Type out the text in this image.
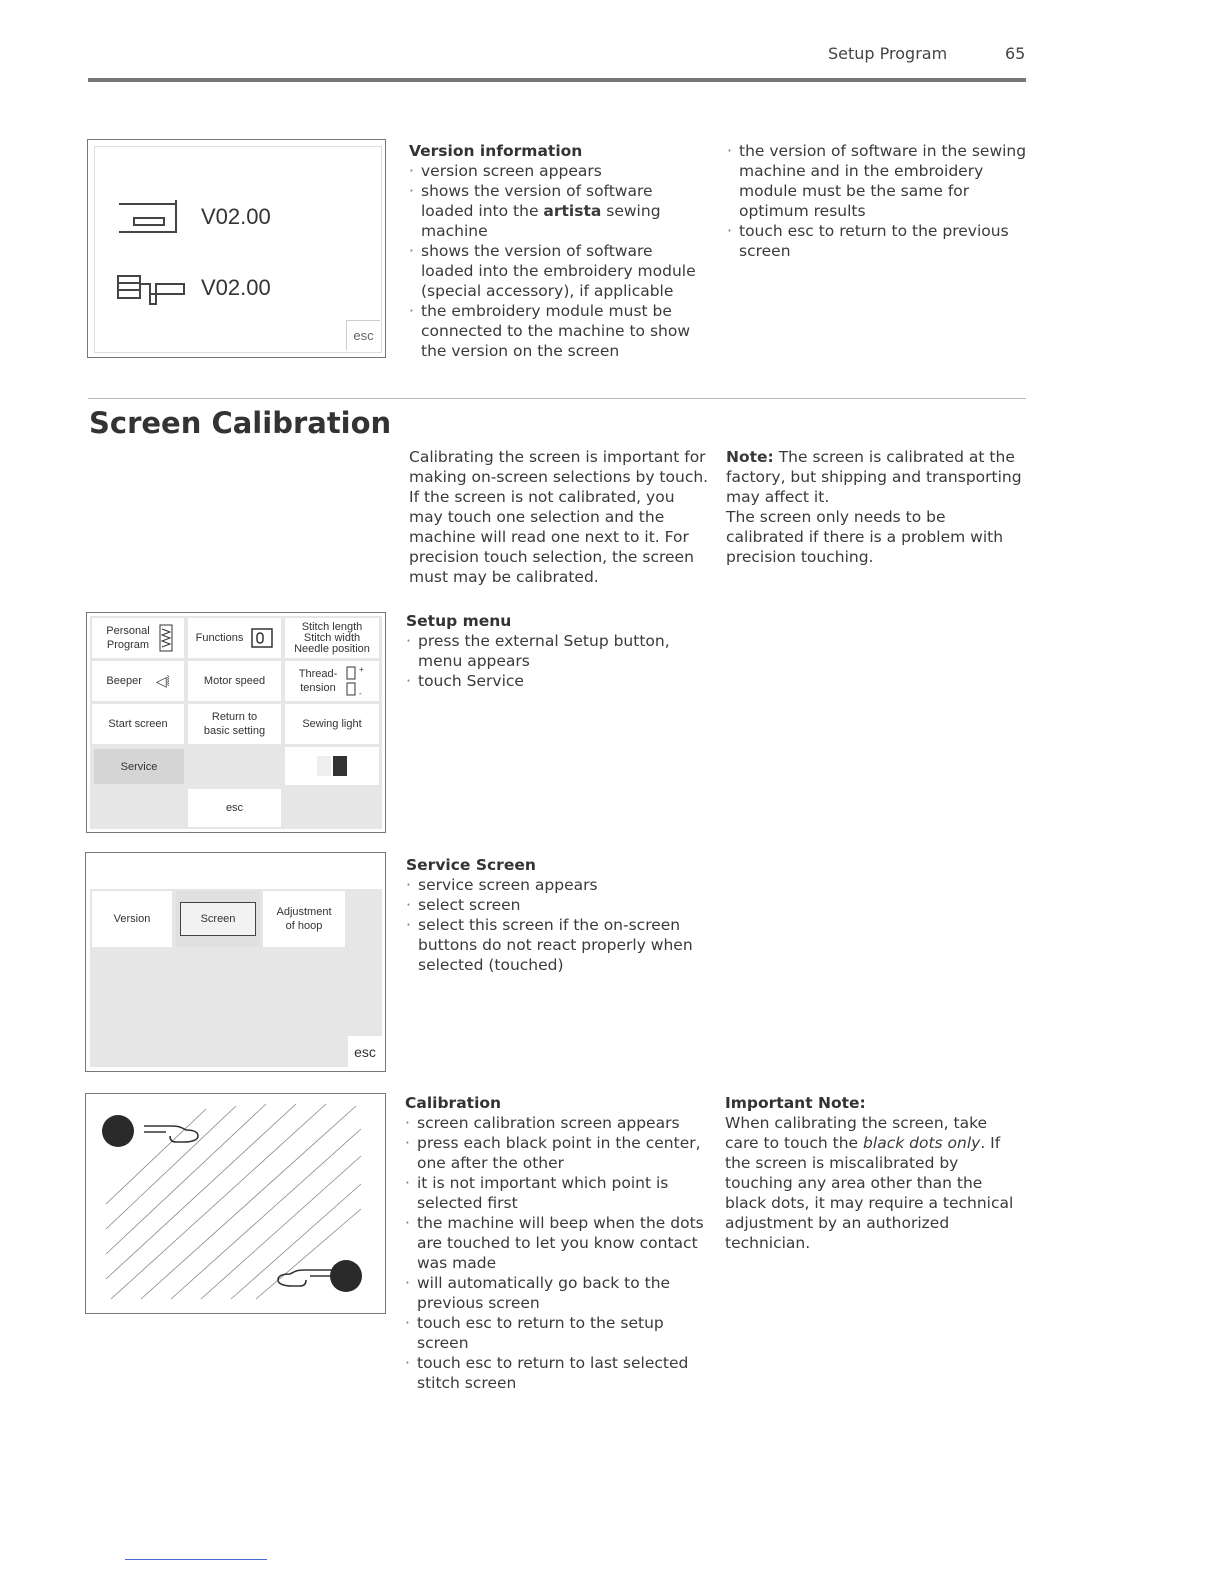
Setup Program	65
V02.00
V02.00
esc
Version information
· version screen appears
· shows the version of software loaded into the artista sewing machine
· shows the version of software loaded into the embroidery module (special accessory), if applicable
· the embroidery module must be connected to the machine to show the version on the screen
· the version of software in the sewing machine and in the embroidery module must be the same for optimum results
· touch esc to return to the previous screen
Screen Calibration

Calibrating the screen is important for making on-screen selections by touch. If the screen is not calibrated, you may touch one selection and the machine will read one next to it. For precision touch selection, the screen must may be calibrated.

Note: The screen is calibrated at the factory, but shipping and transporting may affect it.

The screen only needs to be calibrated if there is a problem with precision touching.

Personal Program
Functions
Stitch length
Stitch width
Needle position
Beeper ◁⦚	Motor speed
Thread-tension
+
-
Start screen
Return to basic setting
Sewing light
Service
esc
Setup menu
· press the external Setup button, menu appears
· touch Service
Version	Screen
Adjustment of hoop
esc
Service Screen
· service screen appears
· select screen
· select this screen if the on-screen buttons do not react properly when selected (touched)
Calibration
· screen calibration screen appears
· press each black point in the center, one after the other
· it is not important which point is selected first
· the machine will beep when the dots are touched to let you know contact was made
· will automatically go back to the previous screen
· touch esc to return to the setup screen
· touch esc to return to last selected stitch screen
Important Note:

When calibrating the screen, take care to touch the black dots only. If the screen is miscalibrated by touching any area other than the black dots, it may require a technical adjustment by an authorized technician.
